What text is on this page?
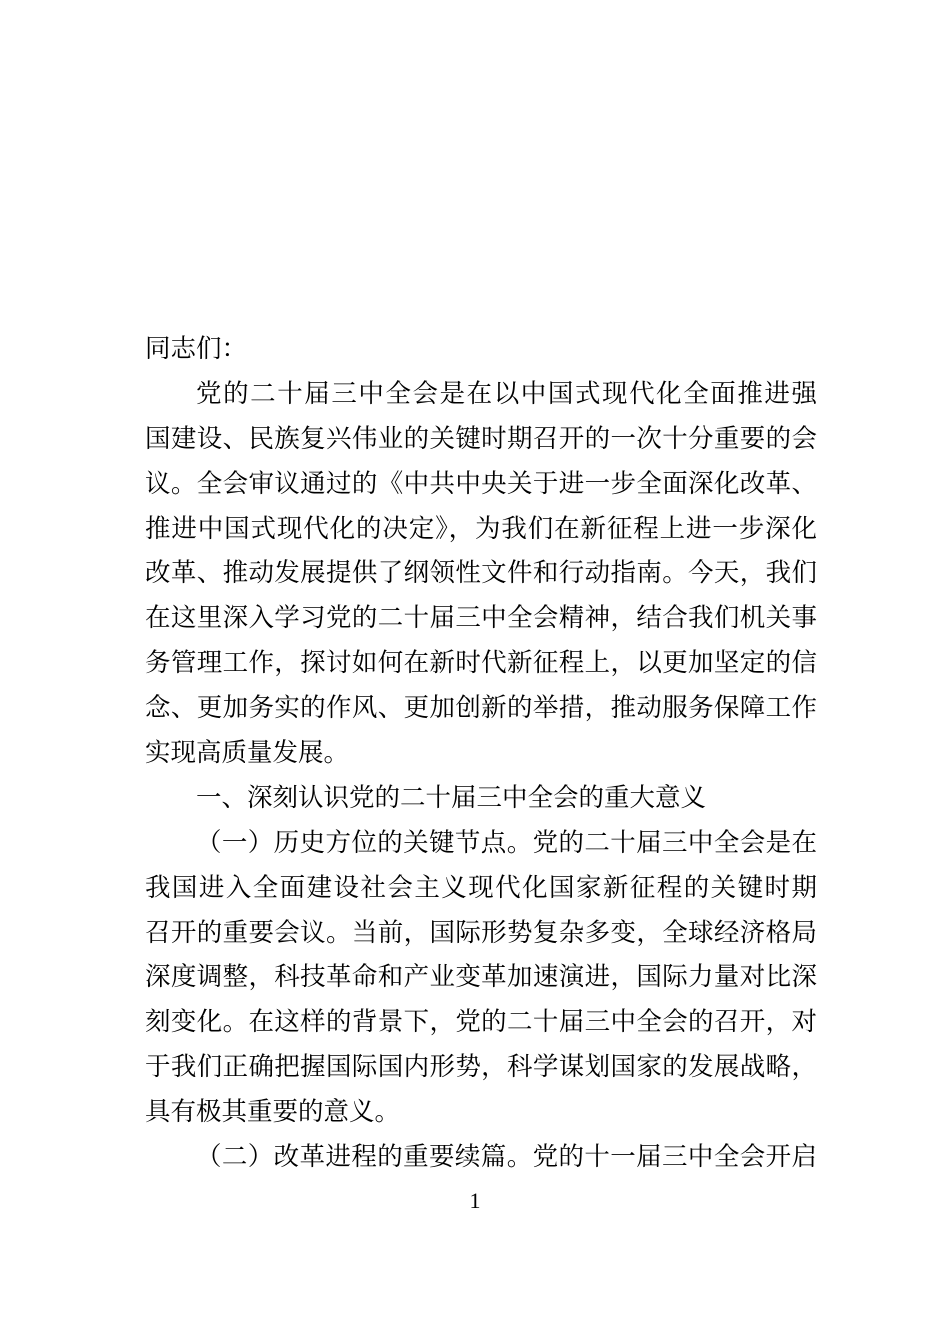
同志们：
党的二十届三中全会是在以中国式现代化全面推进强
国建设、民族复兴伟业的关键时期召开的一次十分重要的会
议。全会审议通过的《中共中央关于进一步全面深化改革、
推进中国式现代化的决定》，为我们在新征程上进一步深化
改革、推动发展提供了纲领性文件和行动指南。今天，我们
在这里深入学习党的二十届三中全会精神，结合我们机关事
务管理工作，探讨如何在新时代新征程上，以更加坚定的信
念、更加务实的作风、更加创新的举措，推动服务保障工作
实现高质量发展。
一、深刻认识党的二十届三中全会的重大意义
（一）历史方位的关键节点。党的二十届三中全会是在
我国进入全面建设社会主义现代化国家新征程的关键时期
召开的重要会议。当前，国际形势复杂多变，全球经济格局
深度调整，科技革命和产业变革加速演进，国际力量对比深
刻变化。在这样的背景下，党的二十届三中全会的召开，对
于我们正确把握国际国内形势，科学谋划国家的发展战略，
具有极其重要的意义。
（二）改革进程的重要续篇。党的十一届三中全会开启
1
